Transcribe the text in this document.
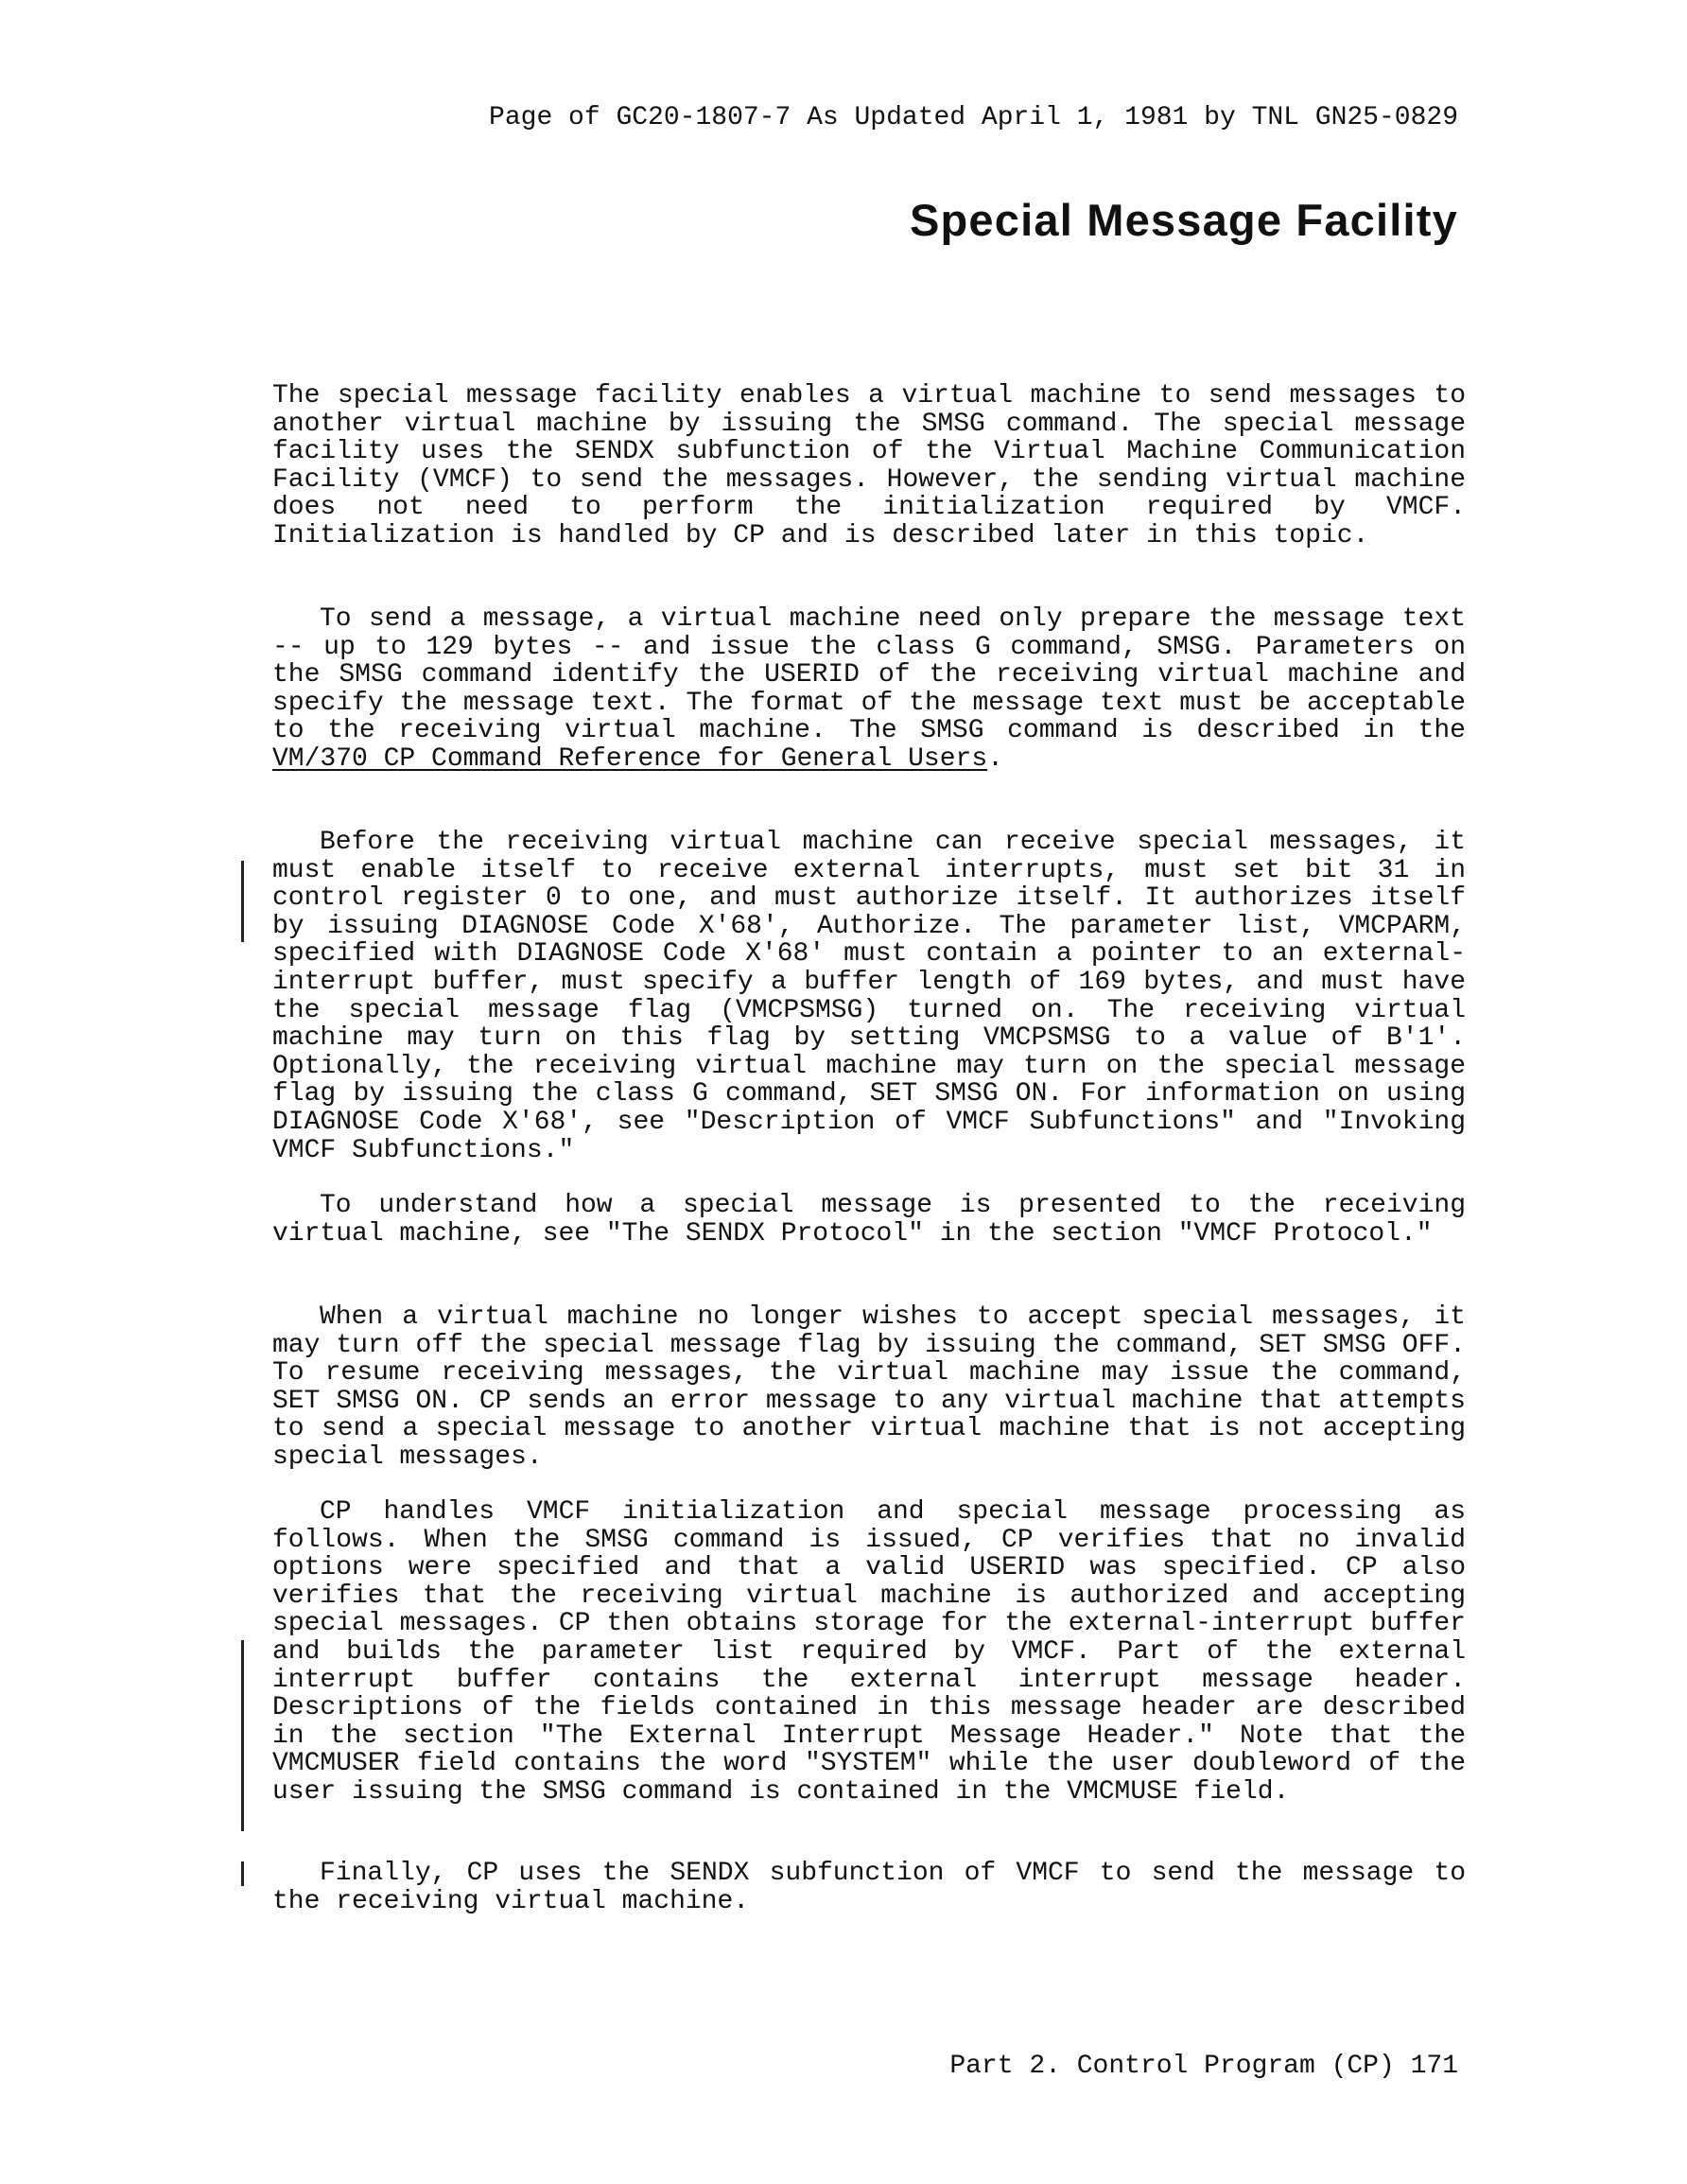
Page of GC20-1807-7 As Updated April 1, 1981 by TNL GN25-0829
Special Message Facility

The special message facility enables a virtual machine to send messages to another virtual machine by issuing the SMSG command. The special message facility uses the SENDX subfunction of the Virtual Machine Communication Facility (VMCF) to send the messages. However, the sending virtual machine does not need to perform the initialization required by VMCF. Initialization is handled by CP and is described later in this topic.

To send a message, a virtual machine need only prepare the message text -- up to 129 bytes -- and issue the class G command, SMSG. Parameters on the SMSG command identify the USERID of the receiving virtual machine and specify the message text. The format of the message text must be acceptable to the receiving virtual machine. The SMSG command is described in the VM/370 CP Command Reference for General Users.

Before the receiving virtual machine can receive special messages, it must enable itself to receive external interrupts, must set bit 31 in control register 0 to one, and must authorize itself. It authorizes itself by issuing DIAGNOSE Code X'68', Authorize. The parameter list, VMCPARM, specified with DIAGNOSE Code X'68' must contain a pointer to an external-interrupt buffer, must specify a buffer length of 169 bytes, and must have the special message flag (VMCPSMSG) turned on. The receiving virtual machine may turn on this flag by setting VMCPSMSG to a value of B'1'. Optionally, the receiving virtual machine may turn on the special message flag by issuing the class G command, SET SMSG ON. For information on using DIAGNOSE Code X'68', see "Description of VMCF Subfunctions" and "Invoking VMCF Subfunctions."

To understand how a special message is presented to the receiving virtual machine, see "The SENDX Protocol" in the section "VMCF Protocol."

When a virtual machine no longer wishes to accept special messages, it may turn off the special message flag by issuing the command, SET SMSG OFF. To resume receiving messages, the virtual machine may issue the command, SET SMSG ON. CP sends an error message to any virtual machine that attempts to send a special message to another virtual machine that is not accepting special messages.

CP handles VMCF initialization and special message processing as follows. When the SMSG command is issued, CP verifies that no invalid options were specified and that a valid USERID was specified. CP also verifies that the receiving virtual machine is authorized and accepting special messages. CP then obtains storage for the external-interrupt buffer and builds the parameter list required by VMCF. Part of the external interrupt buffer contains the external interrupt message header. Descriptions of the fields contained in this message header are described in the section "The External Interrupt Message Header." Note that the VMCMUSER field contains the word "SYSTEM" while the user doubleword of the user issuing the SMSG command is contained in the VMCMUSE field.

Finally, CP uses the SENDX subfunction of VMCF to send the message to the receiving virtual machine.

Part 2. Control Program (CP) 171
